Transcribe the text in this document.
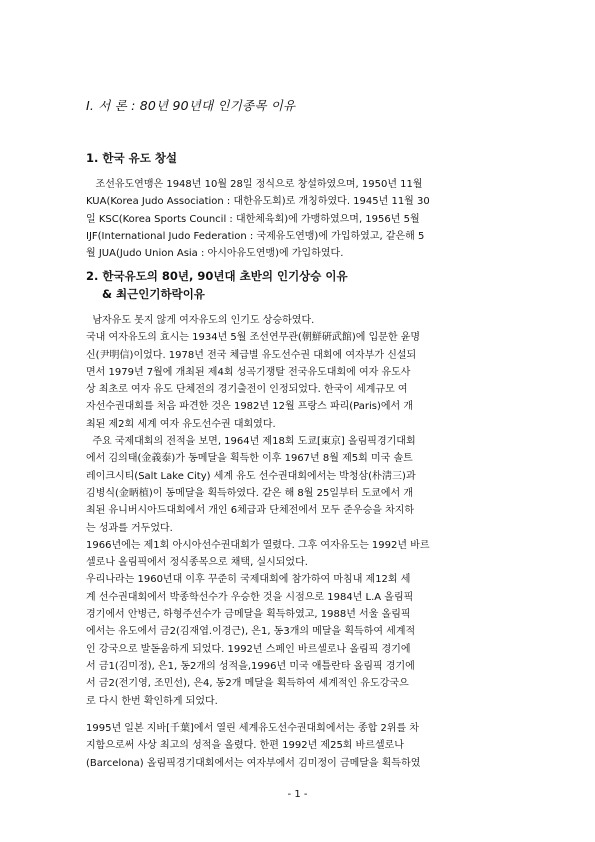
Ⅰ. 서 론 : 80년 90년대 인기종목 이유
1. 한국 유도 창설
조선유도연맹은 1948년 10월 28일 정식으로 창설하였으며, 1950년 11월
KUA(Korea Judo Association : 대한유도회)로 개칭하였다. 1945년 11월 30
일 KSC(Korea Sports Council : 대한체육회)에 가맹하였으며, 1956년 5월
IJF(International Judo Federation : 국제유도연맹)에 가입하였고, 같은해 5
월 JUA(Judo Union Asia : 아시아유도연맹)에 가입하였다.
2. 한국유도의 80년, 90년대 초반의 인기상승 이유
& 최근인기하락이유
남자유도 못지 않게 여자유도의 인기도 상승하였다.
국내 여자유도의 효시는 1934년 5월 조선연무관(朝鮮硏武館)에 입문한 윤명
신(尹明信)이었다. 1978년 전국 체급별 유도선수권 대회에 여자부가 신설되
면서 1979년 7월에 개최된 제4회 성곡기쟁탈 전국유도대회에 여자 유도사
상 최초로 여자 유도 단체전의 경기출전이 인정되었다. 한국이 세계규모 여
자선수권대회를 처음 파견한 것은 1982년 12월 프랑스 파리(Paris)에서 개
최된 제2회 세계 여자 유도선수권 대회였다.
주요 국제대회의 전적을 보면, 1964년 제18회 도쿄[東京] 올림픽경기대회
에서 김의태(金義泰)가 동메달을 획득한 이후 1967년 8월 제5회 미국 솔트
레이크시티(Salt Lake City) 세계 유도 선수권대회에서는 박청삼(朴淸三)과
김병식(金昞植)이 동메달을 획득하였다. 같은 해 8월 25일부터 도쿄에서 개
최된 유니버시아드대회에서 개인 6체급과 단체전에서 모두 준우승을 차지하
는 성과를 거두었다.
1966년에는 제1회 아시아선수권대회가 열렸다. 그후 여자유도는 1992년 바르
셀로나 올림픽에서 정식종목으로 채택, 실시되었다.
우리나라는 1960년대 이후 꾸준히 국제대회에 참가하여 마침내 제12회 세
계 선수권대회에서 박종학선수가 우승한 것을 시점으로 1984년 L.A 올림픽
경기에서 안병근, 하형주선수가 금메달을 획득하였고, 1988년 서울 올림픽
에서는 유도에서 금2(김재엽.이경근), 은1, 동3개의 메달을 획득하여 세계적
인 강국으로 발돋움하게 되었다. 1992년 스페인 바르셀로나 올림픽 경기에
서 금1(김미정), 은1, 동2개의 성적을,1996년 미국 애틀란타 올림픽 경기에
서 금2(전기영, 조민선), 은4, 동2개 메달을 획득하여 세계적인 유도강국으
로 다시 한번 확인하게 되었다.
1995년 일본 지바[千葉]에서 열린 세계유도선수권대회에서는 종합 2위를 차
지함으로써 사상 최고의 성적을 올렸다. 한편 1992년 제25회 바르셀로나
(Barcelona) 올림픽경기대회에서는 여자부에서 김미정이 금메달을 획득하였
- 1 -
